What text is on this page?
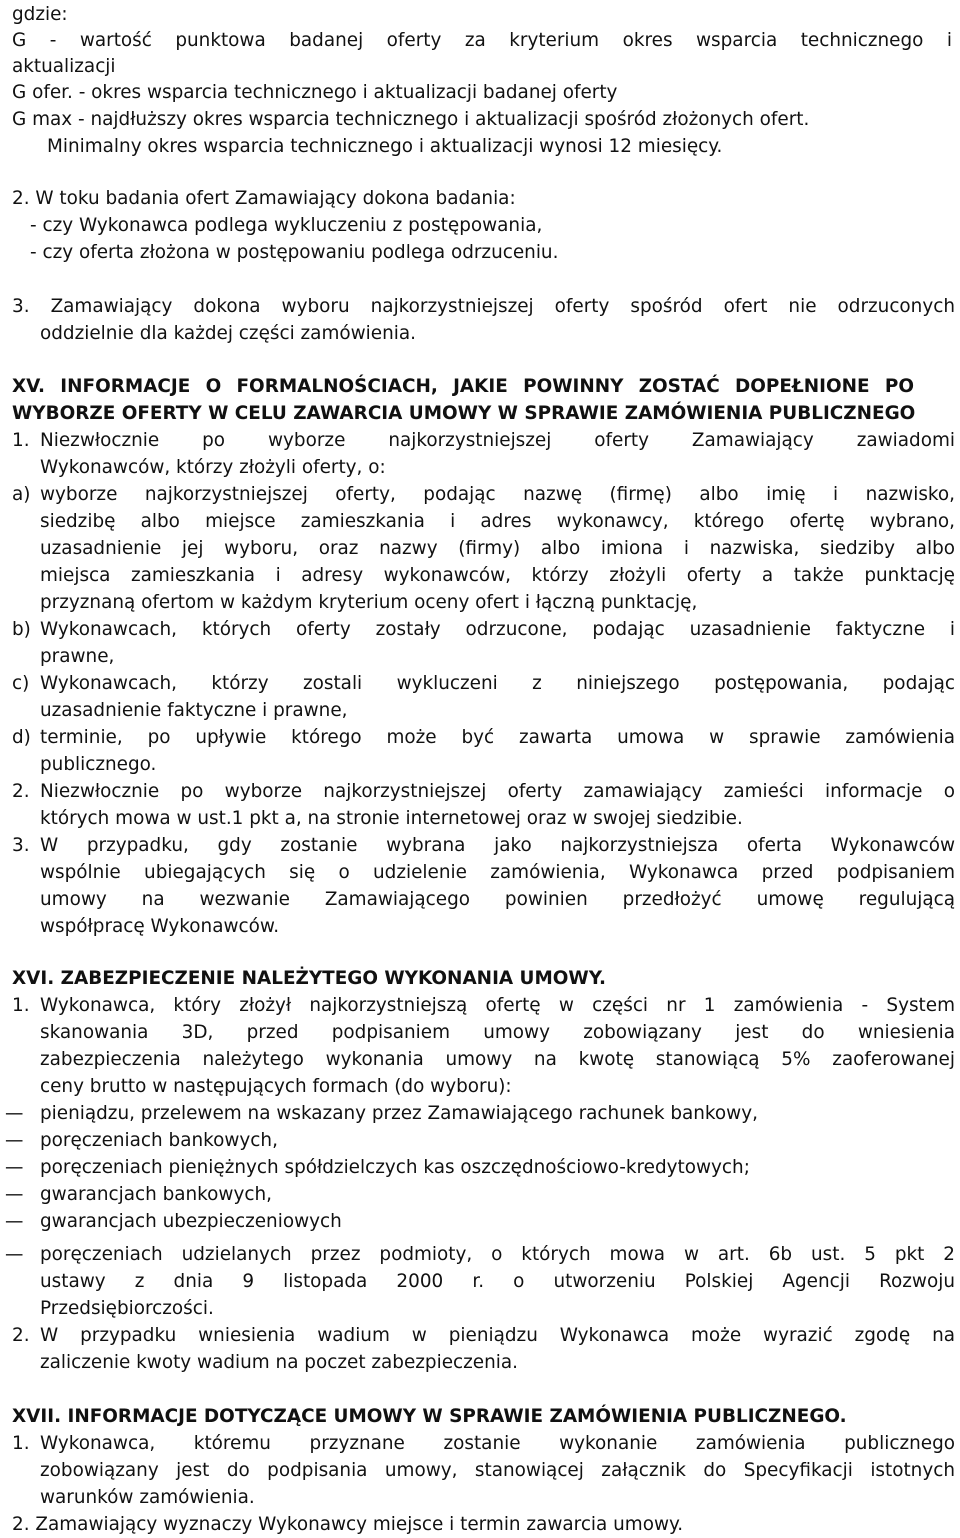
gdzie:
G - wartość punktowa badanej oferty za kryterium okres wsparcia technicznego i
aktualizacji
G ofer. - okres wsparcia technicznego i aktualizacji badanej oferty
G max - najdłuższy okres wsparcia technicznego i aktualizacji spośród złożonych ofert.
Minimalny okres wsparcia technicznego i aktualizacji wynosi 12 miesięcy.
2. W toku badania ofert Zamawiający dokona badania:
- czy Wykonawca podlega wykluczeniu z postępowania,
- czy oferta złożona w postępowaniu podlega odrzuceniu.
3. Zamawiający dokona wyboru najkorzystniejszej oferty spośród ofert nie odrzuconych
oddzielnie dla każdej części zamówienia.
XV. INFORMACJE O FORMALNOŚCIACH, JAKIE POWINNY ZOSTAĆ DOPEŁNIONE PO
WYBORZE OFERTY W CELU ZAWARCIA UMOWY W SPRAWIE ZAMÓWIENIA PUBLICZNEGO
1. Niezwłocznie po wyborze najkorzystniejszej oferty Zamawiający zawiadomi
Wykonawców, którzy złożyli oferty, o:
a) wyborze najkorzystniejszej oferty, podając nazwę (firmę) albo imię i nazwisko,
siedzibę albo miejsce zamieszkania i adres wykonawcy, którego ofertę wybrano,
uzasadnienie jej wyboru, oraz nazwy (firmy) albo imiona i nazwiska, siedziby albo
miejsca zamieszkania i adresy wykonawców, którzy złożyli oferty a także punktację
przyznaną ofertom w każdym kryterium oceny ofert i łączną punktację,
b) Wykonawcach, których oferty zostały odrzucone, podając uzasadnienie faktyczne i
prawne,
c) Wykonawcach, którzy zostali wykluczeni z niniejszego postępowania, podając
uzasadnienie faktyczne i prawne,
d) terminie, po upływie którego może być zawarta umowa w sprawie zamówienia
publicznego.
2. Niezwłocznie po wyborze najkorzystniejszej oferty zamawiający zamieści informacje o
których mowa w ust.1 pkt a, na stronie internetowej oraz w swojej siedzibie.
3. W przypadku, gdy zostanie wybrana jako najkorzystniejsza oferta Wykonawców
wspólnie ubiegających się o udzielenie zamówienia, Wykonawca przed podpisaniem
umowy na wezwanie Zamawiającego powinien przedłożyć umowę regulującą
współpracę Wykonawców.
XVI. ZABEZPIECZENIE NALEŻYTEGO WYKONANIA UMOWY.
1. Wykonawca, który złożył najkorzystniejszą ofertę w części nr 1 zamówienia - System
skanowania 3D, przed podpisaniem umowy zobowiązany jest do wniesienia
zabezpieczenia należytego wykonania umowy na kwotę stanowiącą 5% zaoferowanej
ceny brutto w następujących formach (do wyboru):
— pieniądzu, przelewem na wskazany przez Zamawiającego rachunek bankowy,
— poręczeniach bankowych,
— poręczeniach pieniężnych spółdzielczych kas oszczędnościowo-kredytowych;
— gwarancjach bankowych,
— gwarancjach ubezpieczeniowych
— poręczeniach udzielanych przez podmioty, o których mowa w art. 6b ust. 5 pkt 2
ustawy z dnia 9 listopada 2000 r. o utworzeniu Polskiej Agencji Rozwoju
Przedsiębiorczości.
2. W przypadku wniesienia wadium w pieniądzu Wykonawca może wyrazić zgodę na
zaliczenie kwoty wadium na poczet zabezpieczenia.
XVII. INFORMACJE DOTYCZĄCE UMOWY W SPRAWIE ZAMÓWIENIA PUBLICZNEGO.
1. Wykonawca, któremu przyznane zostanie wykonanie zamówienia publicznego
zobowiązany jest do podpisania umowy, stanowiącej załącznik do Specyfikacji istotnych
warunków zamówienia.
2. Zamawiający wyznaczy Wykonawcy miejsce i termin zawarcia umowy.
